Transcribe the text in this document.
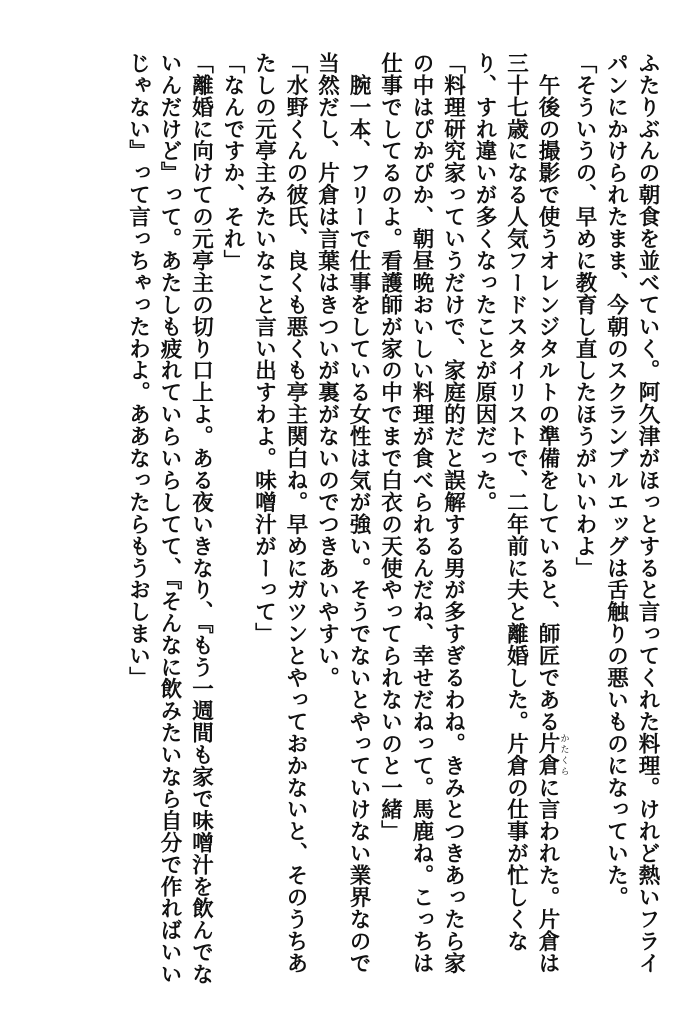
ふたりぶんの朝食を並べていく。阿久津がほっとすると言ってくれた料理。けれど熱いフライ
パンにかけられたまま、今朝のスクランブルエッグは舌触りの悪いものになっていた。
「そういうの、早めに教育し直したほうがいいわよ」
　午後の撮影で使うオレンジタルトの準備をしていると、師匠である片倉かたくらに言われた。片倉は
三十七歳になる人気フードスタイリストで、二年前に夫と離婚した。片倉の仕事が忙しくな
り、すれ違いが多くなったことが原因だった。
「料理研究家っていうだけで、家庭的だと誤解する男が多すぎるわね。きみとつきあったら家
の中はぴかぴか、朝昼晩おいしい料理が食べられるんだね、幸せだねって。馬鹿ね。こっちは
仕事でしてるのよ。看護師が家の中でまで白衣の天使やってられないのと一緒」
　腕一本、フリーで仕事をしている女性は気が強い。そうでないとやっていけない業界なので
当然だし、片倉は言葉はきついが裏がないのでつきあいやすい。
「水野くんの彼氏、良くも悪くも亭主関白ね。早めにガツンとやっておかないと、そのうちあ
たしの元亭主みたいなこと言い出すわよ。味噌汁がーって」
「なんですか、それ」
「離婚に向けての元亭主の切り口上よ。ある夜いきなり、『もう一週間も家で味噌汁を飲んでな
いんだけど』って。あたしも疲れていらいらしてて、『そんなに飲みたいなら自分で作ればいい
じゃない』って言っちゃったわよ。ああなったらもうおしまい」
